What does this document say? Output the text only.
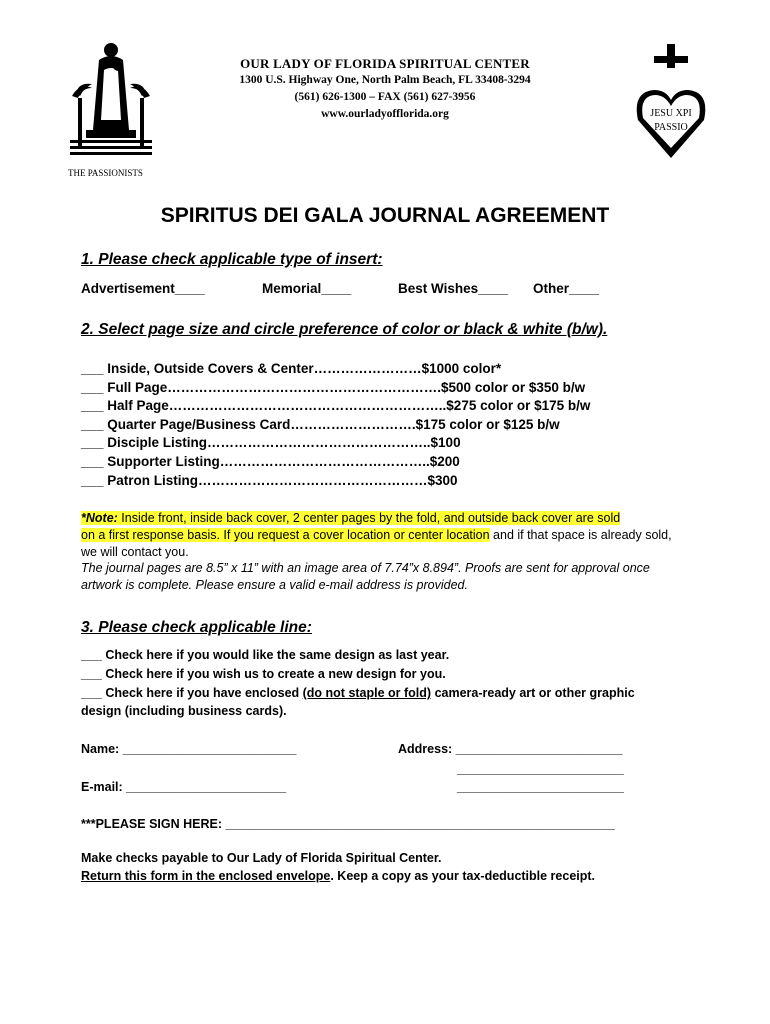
THE PASSIONISTS
OUR LADY OF FLORIDA SPIRITUAL CENTER
1300 U.S. Highway One, North Palm Beach, FL 33408-3294
(561) 626-1300 – FAX (561) 627-3956
www.ourladyofflorida.org	JESU XPI
PASSIO
SPIRITUS DEI GALA JOURNAL AGREEMENT
1. Please check applicable type of insert:
Advertisement____	Memorial____	Best Wishes____ Other____
2. Select page size and circle preference of color or black & white (b/w).
___ Inside, Outside Covers & Center……………………$1000 color*
___ Full Page…………………………………………………….$500 color or $350 b/w
___ Half Page……………………………………………………..$275 color or $175 b/w
___ Quarter Page/Business Card……………………….$175 color or $125 b/w
___ Disciple Listing…………………………………………..$100
___ Supporter Listing………………………………………..$200
___ Patron Listing……………………………………………$300
*Note: Inside front, inside back cover, 2 center pages by the fold, and outside back cover are sold
on a first response basis. If you request a cover location or center location and if that space is already sold, we will contact you.
The journal pages are 8.5” x 11” with an image area of 7.74”x 8.894”. Proofs are sent for approval once artwork is complete. Please ensure a valid e-mail address is provided.
3. Please check applicable line:
___ Check here if you would like the same design as last year.
___ Check here if you wish us to create a new design for you.
___ Check here if you have enclosed (do not staple or fold) camera-ready art or other graphic
design (including business cards).
Name: _________________________	Address: ________________________
________________________
E-mail: _______________________	________________________
***PLEASE SIGN HERE: ________________________________________________________
Make checks payable to Our Lady of Florida Spiritual Center.
Return this form in the enclosed envelope. Keep a copy as your tax-deductible receipt.
